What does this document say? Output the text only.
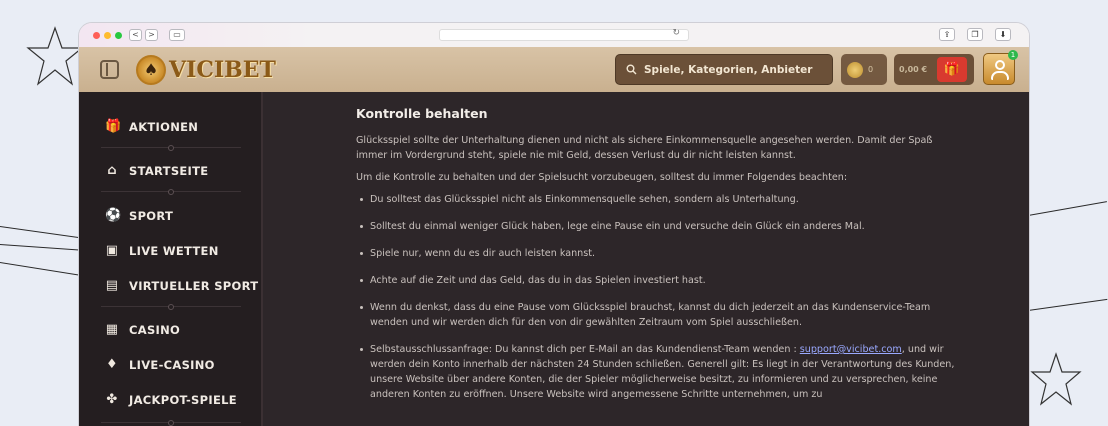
<	>	▭	↻	⇪	❐	⬇
♠ VICIBET	Spiele, Kategorien, Anbieter	0	0,00 €	🎁
1
🎁 AKTIONEN
⌂ STARTSEITE
⚽ SPORT
▣ LIVE WETTEN
▤ VIRTUELLER SPORT
▦ CASINO
♦ LIVE-CASINO
✤ JACKPOT-SPIELE
Kontrolle behalten

Glücksspiel sollte der Unterhaltung dienen und nicht als sichere Einkommensquelle angesehen werden. Damit der Spaß immer im Vordergrund steht, spiele nie mit Geld, dessen Verlust du dir nicht leisten kannst.

Um die Kontrolle zu behalten und der Spielsucht vorzubeugen, solltest du immer Folgendes beachten:

Du solltest das Glücksspiel nicht als Einkommensquelle sehen, sondern als Unterhaltung.
Solltest du einmal weniger Glück haben, lege eine Pause ein und versuche dein Glück ein anderes Mal.
Spiele nur, wenn du es dir auch leisten kannst.
Achte auf die Zeit und das Geld, das du in das Spielen investiert hast.
Wenn du denkst, dass du eine Pause vom Glücksspiel brauchst, kannst du dich jederzeit an das Kundenservice-Team wenden und wir werden dich für den von dir gewählten Zeitraum vom Spiel ausschließen.
Selbstausschlussanfrage: Du kannst dich per E-Mail an das Kundendienst-Team wenden : support@vicibet.com, und wir werden dein Konto innerhalb der nächsten 24 Stunden schließen. Generell gilt: Es liegt in der Verantwortung des Kunden, unsere Website über andere Konten, die der Spieler möglicherweise besitzt, zu informieren und zu versprechen, keine anderen Konten zu eröffnen. Unsere Website wird angemessene Schritte unternehmen, um zu
